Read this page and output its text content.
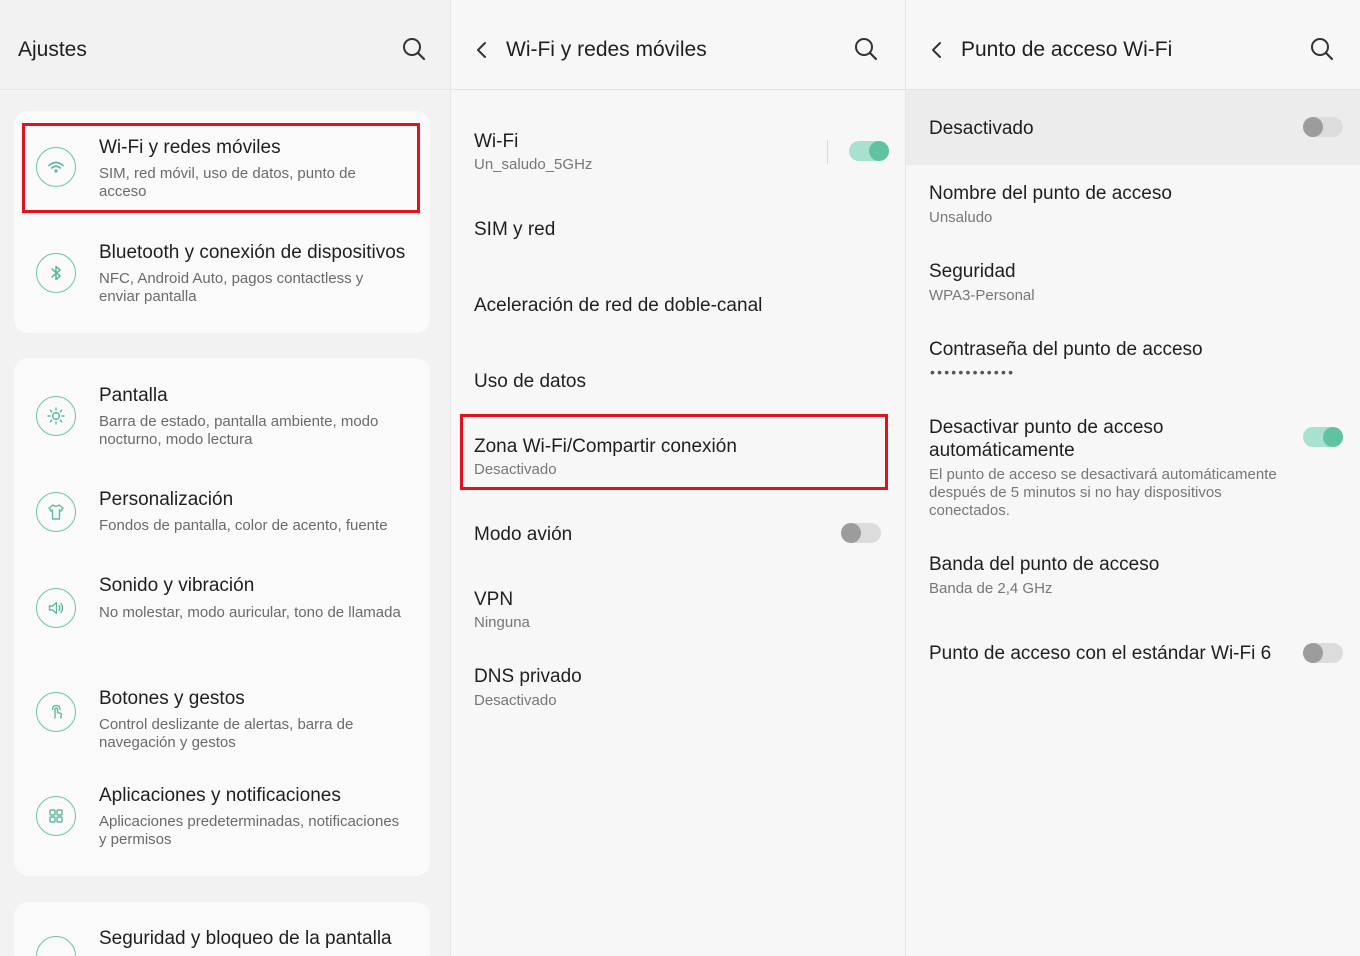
Ajustes
Wi-Fi y redes móviles
SIM, red móvil, uso de datos, punto de acceso
Bluetooth y conexión de dispositivos
NFC, Android Auto, pagos contactless y enviar pantalla
Pantalla
Barra de estado, pantalla ambiente, modo nocturno, modo lectura
Personalización
Fondos de pantalla, color de acento, fuente
Sonido y vibración
No molestar, modo auricular, tono de llamada
Botones y gestos
Control deslizante de alertas, barra de navegación y gestos
Aplicaciones y notificaciones
Aplicaciones predeterminadas, notificaciones y permisos
Seguridad y bloqueo de la pantalla
Wi-Fi y redes móviles
Wi-Fi
Un_saludo_5GHz
SIM y red
Aceleración de red de doble-canal
Uso de datos
Zona Wi-Fi/Compartir conexión
Desactivado
Modo avión
VPN
Ninguna
DNS privado
Desactivado
Punto de acceso Wi-Fi
Desactivado
Nombre del punto de acceso
Unsaludo
Seguridad
WPA3-Personal
Contraseña del punto de acceso
••••••••••••
Desactivar punto de acceso
automáticamente
El punto de acceso se desactivará automáticamente después de 5 minutos si no hay dispositivos conectados.
Banda del punto de acceso
Banda de 2,4 GHz
Punto de acceso con el estándar Wi-Fi 6
